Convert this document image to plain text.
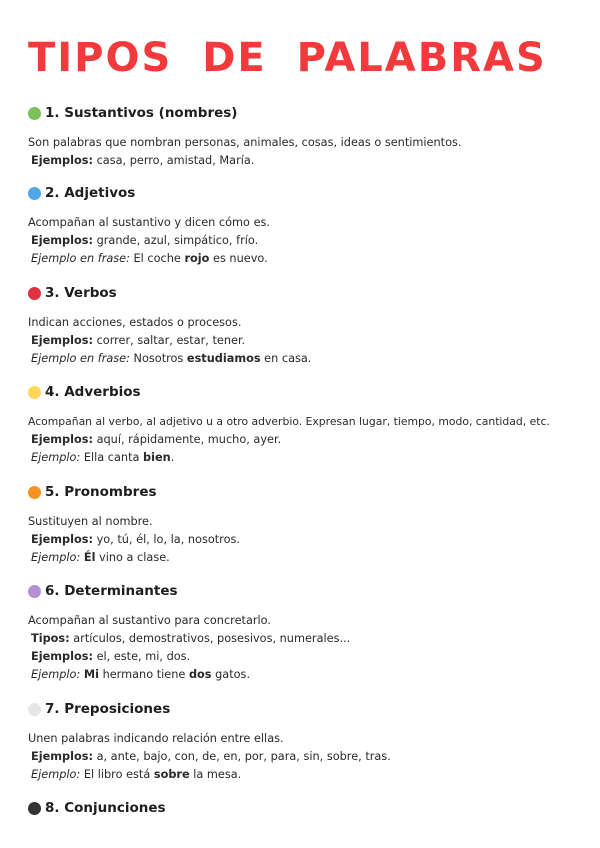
TIPOS DE PALABRAS
1. Sustantivos (nombres)

Son palabras que nombran personas, animales, cosas, ideas o sentimientos.

Ejemplos: casa, perro, amistad, María.

2. Adjetivos

Acompañan al sustantivo y dicen cómo es.

Ejemplos: grande, azul, simpático, frío.

Ejemplo en frase: El coche rojo es nuevo.

3. Verbos

Indican acciones, estados o procesos.

Ejemplos: correr, saltar, estar, tener.

Ejemplo en frase: Nosotros estudiamos en casa.

4. Adverbios

Acompañan al verbo, al adjetivo u a otro adverbio. Expresan lugar, tiempo, modo, cantidad, etc.

Ejemplos: aquí, rápidamente, mucho, ayer.

Ejemplo: Ella canta bien.

5. Pronombres

Sustituyen al nombre.

Ejemplos: yo, tú, él, lo, la, nosotros.

Ejemplo: Él vino a clase.

6. Determinantes

Acompañan al sustantivo para concretarlo.

Tipos: artículos, demostrativos, posesivos, numerales...

Ejemplos: el, este, mi, dos.

Ejemplo: Mi hermano tiene dos gatos.

7. Preposiciones

Unen palabras indicando relación entre ellas.

Ejemplos: a, ante, bajo, con, de, en, por, para, sin, sobre, tras.

Ejemplo: El libro está sobre la mesa.

8. Conjunciones
